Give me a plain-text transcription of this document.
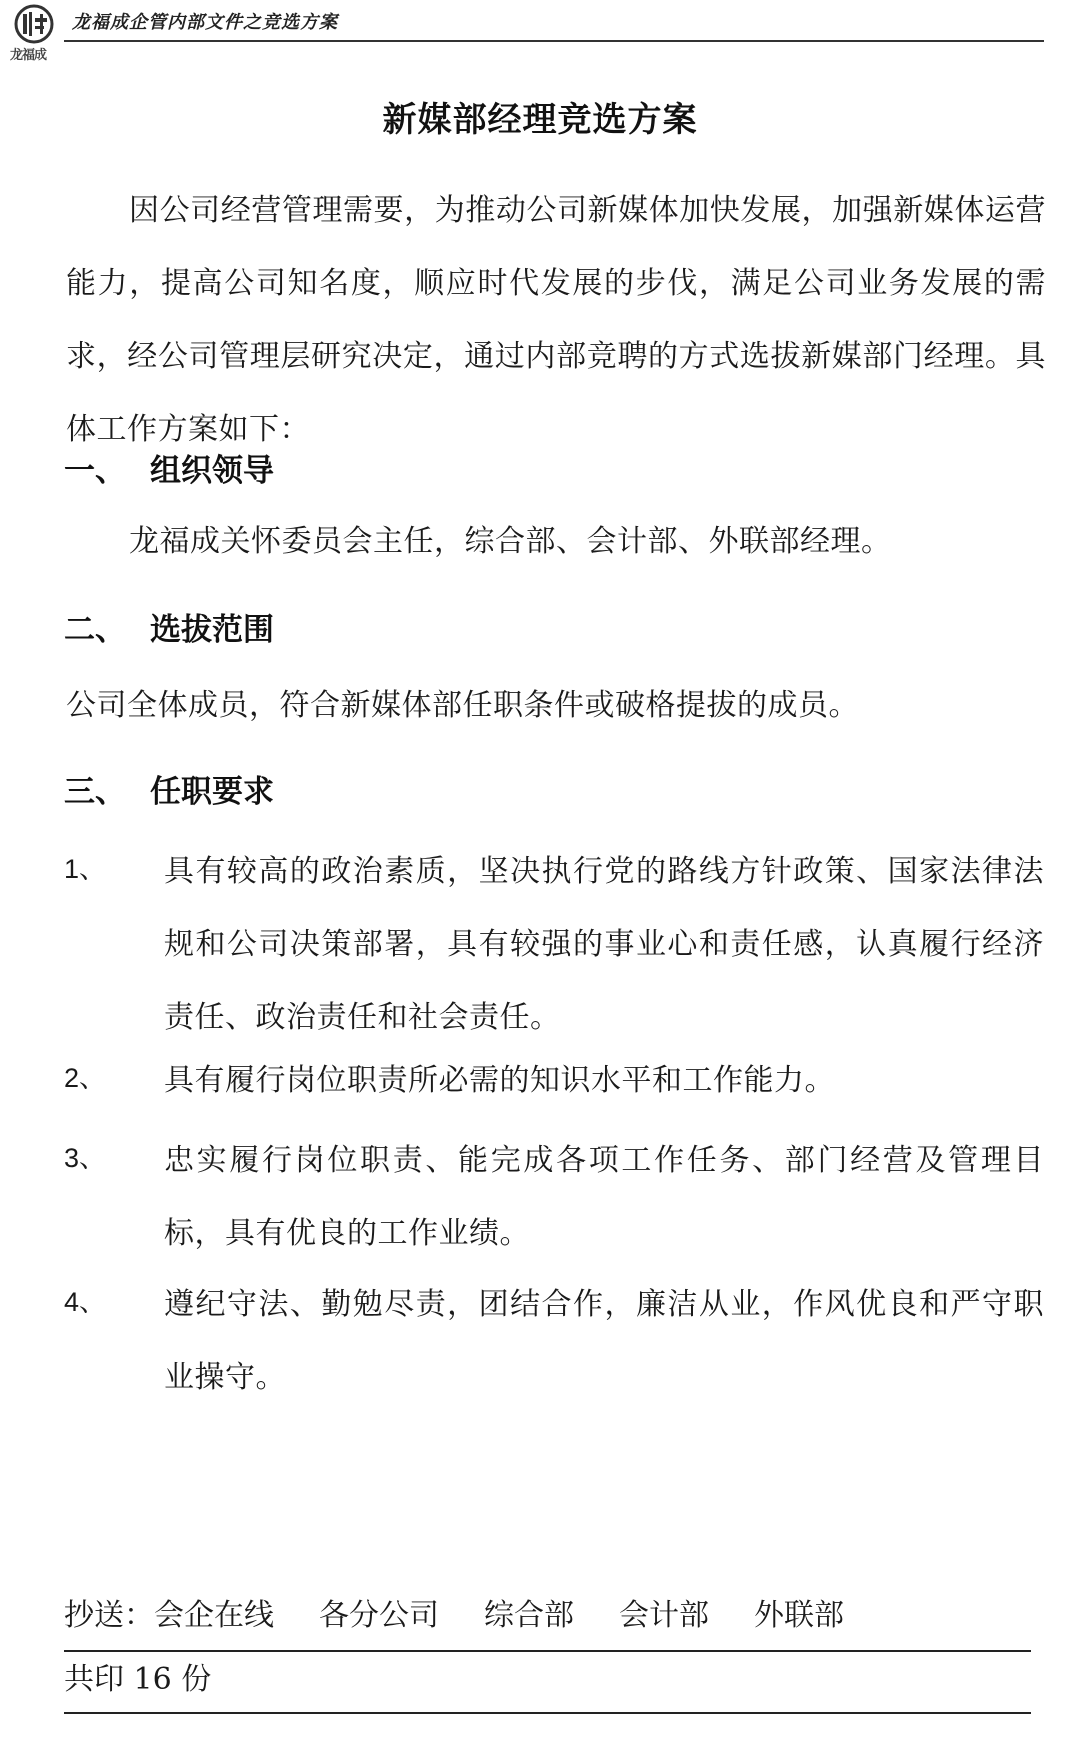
龙福成
龙福成企管内部文件之竞选方案
新媒部经理竞选方案
因公司经营管理需要，为推动公司新媒体加快发展，加强新媒体运营能力，提高公司知名度，顺应时代发展的步伐，满足公司业务发展的需求，经公司管理层研究决定，通过内部竞聘的方式选拔新媒部门经理。具体工作方案如下：
一、 组织领导
龙福成关怀委员会主任，综合部、会计部、外联部经理。
二、 选拔范围
公司全体成员，符合新媒体部任职条件或破格提拔的成员。
三、 任职要求
1、 具有较高的政治素质，坚决执行党的路线方针政策、国家法律法规和公司决策部署，具有较强的事业心和责任感，认真履行经济责任、政治责任和社会责任。
2、 具有履行岗位职责所必需的知识水平和工作能力。
3、 忠实履行岗位职责、能完成各项工作任务、部门经营及管理目标，具有优良的工作业绩。
4、 遵纪守法、勤勉尽责，团结合作，廉洁从业，作风优良和严守职业操守。
抄送：会企在线 各分公司 综合部 会计部 外联部
共印 16 份
